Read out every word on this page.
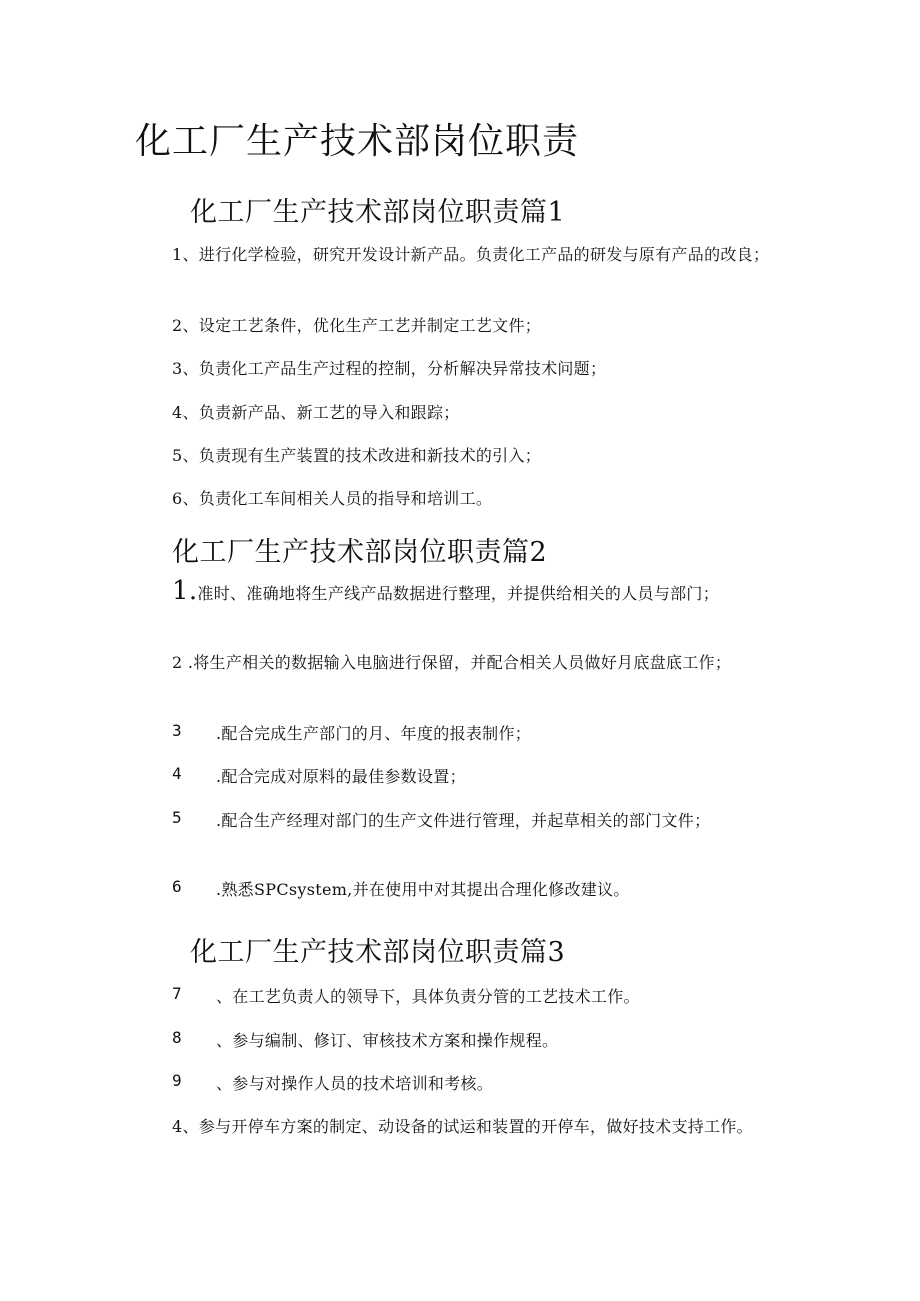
化工厂生产技术部岗位职责
化工厂生产技术部岗位职责篇1
1、进行化学检验，研究开发设计新产品。负责化工产品的研发与原有产品的改良；
2、设定工艺条件，优化生产工艺并制定工艺文件；
3、负责化工产品生产过程的控制，分析解决异常技术问题；
4、负责新产品、新工艺的导入和跟踪；
5、负责现有生产装置的技术改进和新技术的引入；
6、负责化工车间相关人员的指导和培训工。
化工厂生产技术部岗位职责篇2
1.准时、准确地将生产线产品数据进行整理，并提供给相关的人员与部门；
2 .将生产相关的数据输入电脑进行保留，并配合相关人员做好月底盘底工作；
3 .配合完成生产部门的月、年度的报表制作；
4 .配合完成对原料的最佳参数设置；
5	.配合生产经理对部门的生产文件进行管理，并起草相关的部门文件；
6 .熟悉SPCsystem,并在使用中对其提出合理化修改建议。
化工厂生产技术部岗位职责篇3
7 、在工艺负责人的领导下，具体负责分管的工艺技术工作。
8 、参与编制、修订、审核技术方案和操作规程。
9 、参与对操作人员的技术培训和考核。
4、参与开停车方案的制定、动设备的试运和装置的开停车，做好技术支持工作。
